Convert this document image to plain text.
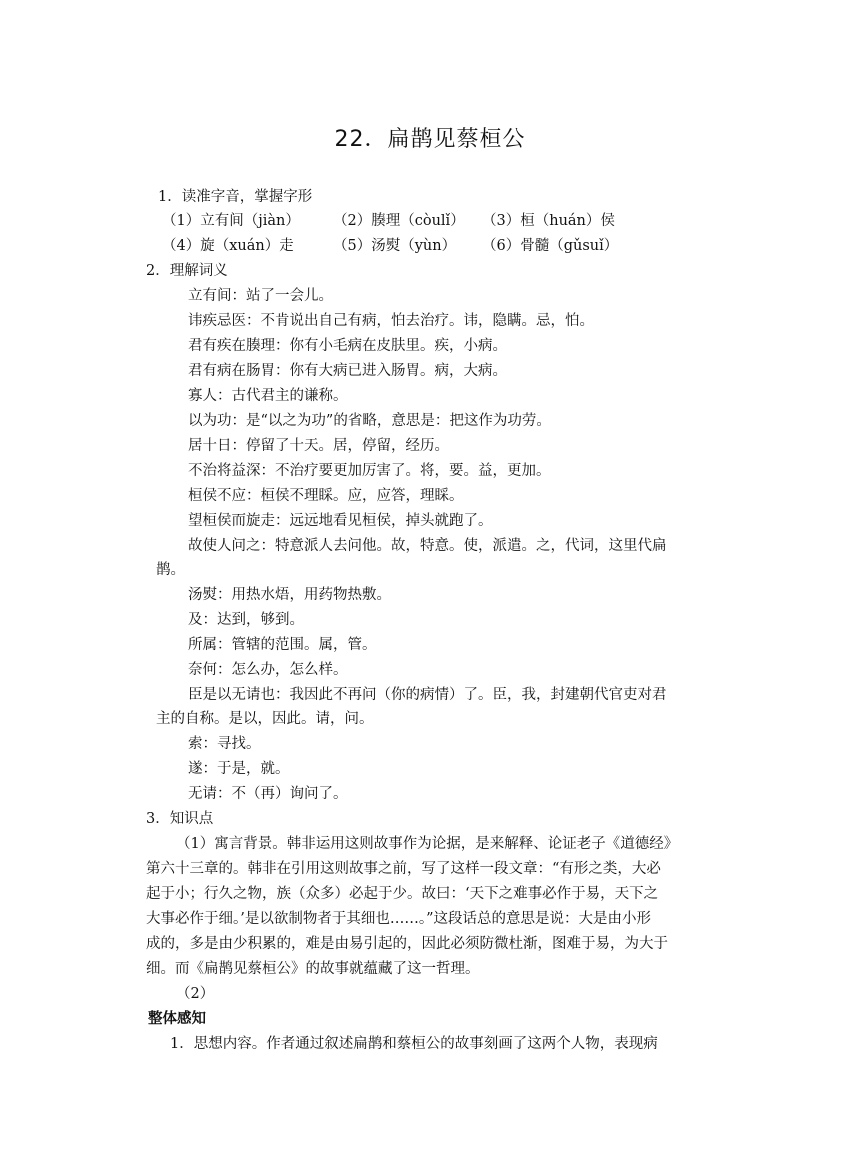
22．扁鹊见蔡桓公
1．读准字音，掌握字形
（1）立有间（jiàn） （2）腠理（còulǐ） （3）桓（huán）侯
（4）旋（xuán）走	（5）汤熨（yùn） （6）骨髓（gǔsuǐ）
2．理解词义
立有间：站了一会儿。
讳疾忌医：不肯说出自己有病，怕去治疗。讳，隐瞒。忌，怕。
君有疾在腠理：你有小毛病在皮肤里。疾，小病。
君有病在肠胃：你有大病已进入肠胃。病，大病。
寡人：古代君主的谦称。
以为功：是“以之为功”的省略，意思是：把这作为功劳。
居十日：停留了十天。居，停留，经历。
不治将益深：不治疗要更加厉害了。将，要。益，更加。
桓侯不应：桓侯不理睬。应，应答，理睬。
望桓侯而旋走：远远地看见桓侯，掉头就跑了。
故使人问之：特意派人去问他。故，特意。使，派遣。之，代词，这里代扁
鹊。
汤熨：用热水焐，用药物热敷。
及：达到，够到。
所属：管辖的范围。属，管。
奈何：怎么办，怎么样。
臣是以无请也：我因此不再问（你的病情）了。臣，我，封建朝代官吏对君
主的自称。是以，因此。请，问。
索：寻找。
遂：于是，就。
无请：不（再）询问了。
3．知识点
（1）寓言背景。韩非运用这则故事作为论据，是来解释、论证老子《道德经》
第六十三章的。韩非在引用这则故事之前，写了这样一段文章：“有形之类，大必
起于小；行久之物，族（众多）必起于少。故曰：‘天下之难事必作于易，天下之
大事必作于细。’是以欲制物者于其细也……。”这段话总的意思是说：大是由小形
成的，多是由少积累的，难是由易引起的，因此必须防微杜渐，图难于易，为大于
细。而《扁鹊见蔡桓公》的故事就蕴藏了这一哲理。
（2）
整体感知
1．思想内容。作者通过叙述扁鹊和蔡桓公的故事刻画了这两个人物，表现病
